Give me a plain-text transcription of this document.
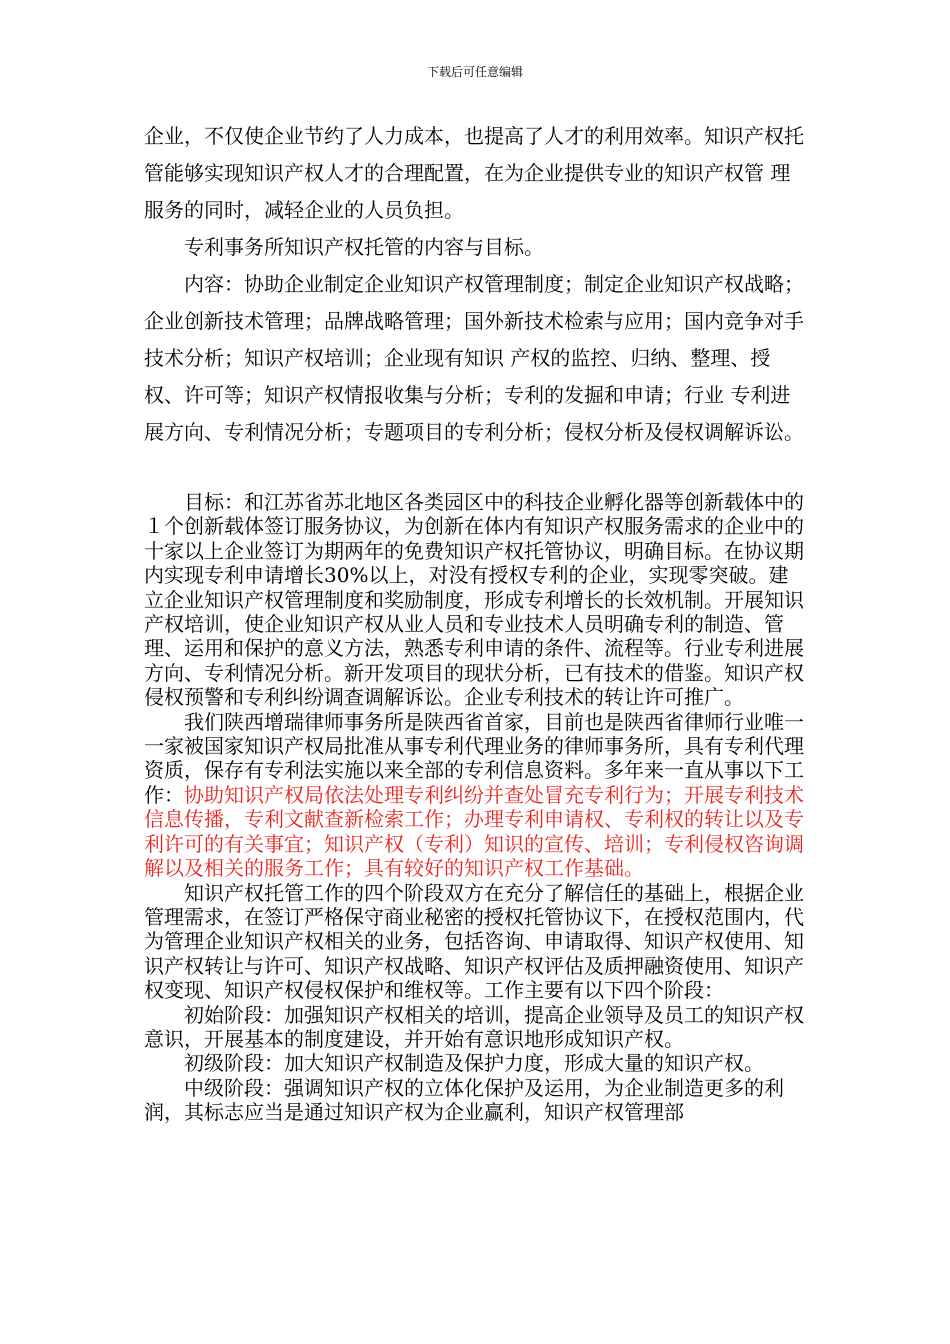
下载后可任意编辑

企业，不仅使企业节约了人力成本，也提高了人才的利用效率。知识产权托管能够实现知识产权人才的合理配置，在为企业提供专业的知识产权管 理服务的同时，减轻企业的人员负担。

专利事务所知识产权托管的内容与目标。

内容：协助企业制定企业知识产权管理制度；制定企业知识产权战略；企业创新技术管理；品牌战略管理；国外新技术检索与应用；国内竞争对手技术分析；知识产权培训；企业现有知识 产权的监控、归纳、整理、授权、许可等；知识产权情报收集与分析；专利的发掘和申请；行业 专利进展方向、专利情况分析；专题项目的专利分析；侵权分析及侵权调解诉讼。

目标：和江苏省苏北地区各类园区中的科技企业孵化器等创新载体中的１个创新载体签订服务协议，为创新在体内有知识产权服务需求的企业中的十家以上企业签订为期两年的免费知识产权托管协议，明确目标。在协议期内实现专利申请增长30%以上，对没有授权专利的企业，实现零突破。建立企业知识产权管理制度和奖励制度，形成专利增长的长效机制。开展知识产权培训，使企业知识产权从业人员和专业技术人员明确专利的制造、管理、运用和保护的意义方法，熟悉专利申请的条件、流程等。行业专利进展方向、专利情况分析。新开发项目的现状分析，已有技术的借鉴。知识产权侵权预警和专利纠纷调查调解诉讼。企业专利技术的转让许可推广。

我们陕西增瑞律师事务所是陕西省首家，目前也是陕西省律师行业唯一一家被国家知识产权局批准从事专利代理业务的律师事务所，具有专利代理资质，保存有专利法实施以来全部的专利信息资料。多年来一直从事以下工作：协助知识产权局依法处理专利纠纷并查处冒充专利行为；开展专利技术信息传播，专利文献查新检索工作；办理专利申请权、专利权的转让以及专利许可的有关事宜；知识产权（专利）知识的宣传、培训；专利侵权咨询调解以及相关的服务工作；具有较好的知识产权工作基础。

知识产权托管工作的四个阶段双方在充分了解信任的基础上，根据企业管理需求，在签订严格保守商业秘密的授权托管协议下，在授权范围内，代为管理企业知识产权相关的业务，包括咨询、申请取得、知识产权使用、知识产权转让与许可、知识产权战略、知识产权评估及质押融资使用、知识产权变现、知识产权侵权保护和维权等。工作主要有以下四个阶段：

初始阶段：加强知识产权相关的培训，提高企业领导及员工的知识产权意识，开展基本的制度建设，并开始有意识地形成知识产权。

初级阶段：加大知识产权制造及保护力度，形成大量的知识产权。

中级阶段：强调知识产权的立体化保护及运用，为企业制造更多的利润，其标志应当是通过知识产权为企业赢利，知识产权管理部
